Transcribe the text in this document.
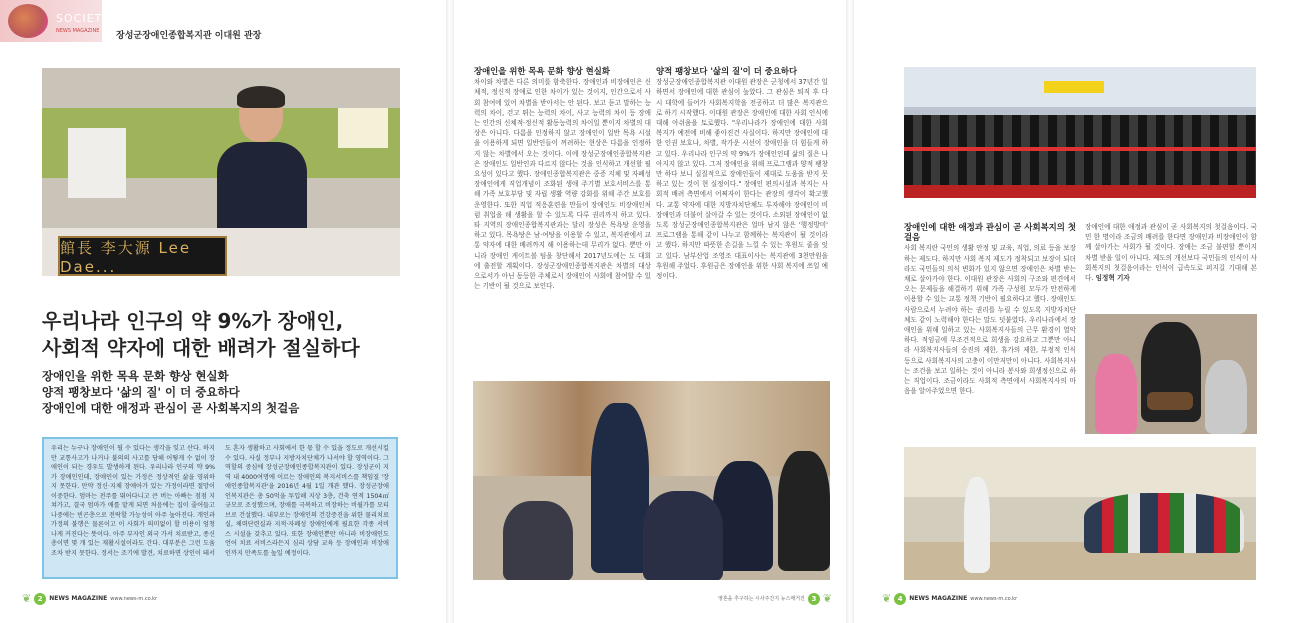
SOCIETY
NEWS MAGAZINE 장성군장애인종합복지관 이대원 관장
館長 李大源 Lee Dae...
우리나라 인구의 약 9%가 장애인,
사회적 약자에 대한 배려가 절실하다
장애인을 위한 목욕 문화 향상 현실화
양적 팽창보다 '삶의 질' 이 더 중요하다
장애인에 대한 애정과 관심이 곧 사회복지의 첫걸음
우리는 누구나 장애인이 될 수 있다는 생각을 잊고 산다. 하지만 교통사고가 나거나 불의의 사고를 당해 어떻게 수 없이 장애인이 되는 경우도 발생하게 된다. 우리나라 인구의 약 9%가 장애인인데, 장애인이 있는 가정은 정상적인 삶을 영위하지 못한다. 만약 정신·지체 장애아가 있는 가정이라면 절망이 이중한다. 엄마는 전주를 뛰어다니고 큰 버는 아빠는 점점 지쳐가고, 결국 엄마가 애를 맡게 되면 처음에는 집이 줄어들고 나중에는 빈곤층으로 전락할 가능성이 아주 높아진다. 개인과 가정의 불행은 물론이고 이 사회가 의미없이 할 비용이 엄청나게 커진다는 뜻이다. 아주 부자인 외국 가서 치료받고, 종신총이면 몇 개 있는 재활시설이라도 간다. 대부분은 그런 도움조차 받지 못한다. 정서는 조기에 발견, 치료하면 상인이 돼서도 혼자 생활하고 사회에서 한 몫 할 수 있을 정도로 개선시킬 수 있다. 사실 정부나 지방자치단체가 나서야 할 영역이다. 그 역할의 중심에 장성군장애인종합복지관이 있다. 장성군이 지역 내 4000여명에 이르는 장애인의 복지서비스를 책임질 '장애인종합복지관'을 2016년 4월 1일 개관 했다. 장성군장애인복지관은 총 50억을 투입해 지상 3층, 건축 연적 1504㎡ 규모로 조성했으며, 장애를 극복하고 비장하는 비월가를 모티브로 건설했다. 내부로는 장애인의 건강증진을 위한 물리치료실, 체력단련실과 지적·자폐성 장애인에게 필요한 각종 서비스 시설을 갖추고 있다. 또한 장애인뿐만 아니라 비장애인도 언어 치료 서비스라든지 심리 상담 교육 등 장애인과 비장애인까지 만족도를 높일 예정이다.
장애인을 위한 목욕 문화 향상 현실화
차이와 차별은 다른 의미를 함축한다. 장애인과 비장애인은 신체적, 정신적 장애로 인한 차이가 있는 것이지, 인간으로서 사회 참여에 있어 차별을 받아서는 안 된다. 보고 듣고 말하는 능력의 차이, 걷고 뛰는 능력의 차이, 사고 능력의 차이 등 장애는 인간의 신체적·정신적 활동능력의 차이일 뿐이지 차별의 대상은 아니다. 다름을 인정하지 않고 장애인이 일반 목욕 시설을 이용하게 되면 일반인들이 꺼려하는 현상은 다름을 인정하지 않는 차별에서 오는 것이다. 이에 장성군장애인종합복지관은 장애인도 일반인과 다르지 않다는 것을 인식하고 개선할 필요성이 있다고 했다. 장애인종합복지관은 중증 지체 및 자폐성 장애인에게 직업개념이 조화된 생애 주기별 보호서비스를 통해 가족 보호부담 및 자립 생활 역량 강화를 위해 주간 보호를 운영한다. 또한 직업 적응훈련을 만들어 장애인도 비장애인처럼 취업을 해 생활을 할 수 있도록 다루 권리까지 하고 있다. 타 지역의 장애인종합복지관과는 달리 장성은 목욕탕 운영을 하고 있다. 목욕탕은 남·여탕을 이용할 수 있고, 복지관에서 교통 약자에 대한 배려까지 해 이용하는데 무리가 없다. 뿐만 아니라 장애인 게이트볼 팀을 창단해서 2017년도에는 도 대회에 출전할 계획이다. 장성군장애인종합복지관은 차별의 대상으로서가 아닌 동등한 주체로서 장애인이 사회에 참여할 수 있는 기반이 될 것으로 보인다.
양적 팽창보다 '삶의 질'이 더 중요하다
장성군장애인종합복지관 이대원 관장은 군청에서 37년간 일하면서 장애인에 대한 관심이 높았다. 그 관심은 퇴직 후 다시 대학에 들어가 사회복지학을 전공하고 더 많은 복지관으로 하기 시작했다. 이대원 관장은 장애인에 대한 사회 인식에 대해 아쉬움을 토로했다. "우리나라가 장애인에 대한 사회 복지가 예전에 비해 좋아진건 사실이다. 하지만 장애인에 대한 인권 보호나, 차별, 작가운 시선이 장애인을 더 힘들게 하고 있다. 우리나라 인구의 약 9%가 장애인인데 삶의 질은 나아지지 않고 있다. 그저 장애인을 위해 프로그램과 양적 팽창만 하다 보니 실질적으로 장애인들이 제대로 도움을 받지 못하고 있는 것이 현 실정이다." 장애인 편의시설과 복지는 사회적 배려 측면에서 어쩌자이 한다는 관장의 생각이 확고했다. 교통 약자에 대한 지방자치단체도 투자해야 장애인이 비장애인과 더불어 살아갈 수 있는 것이다. 소외된 장애인이 없도록 장성군장애인종합복지관은 얼마 남지 않은 '행정방미' 프로그램을 통해 같이 나누고 함께하는 복지관이 될 것이라고 했다. 하지만 따뜻한 손길을 느낄 수 있는 후원도 줄을 잇고 있다. 남부산업 조영조 대표이사는 복지관에 3천만원을 후원해 주었다. 후원금은 장애인을 위한 사회 복지에 쓰일 예정이다.
장애인에 대한 애정과 관심이 곧 사회복지의 첫걸음
사회 복지란 국민의 생활 안정 및 교육, 직업, 의료 등을 보장하는 제도다. 하지만 사회 복지 제도가 정착되고 보장이 되더라도 국민들의 의식 변화가 있지 않으면 장애인은 차별 받는 채로 살아가야 한다. 이대원 관장은 사회의 구조와 편견에서 오는 문제들을 해결하기 위해 가족 구성원 모두가 안전하게 이용할 수 있는 교통 정책 기반이 필요하다고 했다. 장애인도 사람으로서 누려야 하는 권리를 누릴 수 있도록 지방자치단체도 같이 노력해야 한다는 말도 덧붙였다. 우리나라에서 장애인을 위해 일하고 있는 사회복지사들의 근무 환경이 열악하다. 적임금에 무조건적으로 희생을 강요하고 그뿐만 아니라 사회복지사들의 승진의 제한, 휴가의 제한, 부정적 인식 등으로 사회복지사의 고충이 이만저만이 아니다. 사회복지사는 조건을 보고 일하는 것이 아니라 봉사와 희생정신으로 하는 직업이다. 조금이라도 사회적 측면에서 사회복지사의 마음을 알아주었으면 한다.
장애인에 대한 애정과 관심이 곧 사회복지의 첫걸음이다. 국민 한 명이라 조금의 배려를 한다면 장애인과 비장애인이 함께 살아가는 사회가 될 것이다. 장애는 조금 불편할 뿐이지 차별 받을 일이 아니다. 제도의 개선보다 국민들의 인식이 사회복지의 첫걸음이라는 인식이 급속도로 퍼지길 기대해 본다. 임정혁 기자
❦ 2	NEWS MAGAZINE www.news-m.co.kr	영혼을 추구하는 시사주간지 뉴스매거진 3 ❦	❦ 4	NEWS MAGAZINE www.news-m.co.kr
